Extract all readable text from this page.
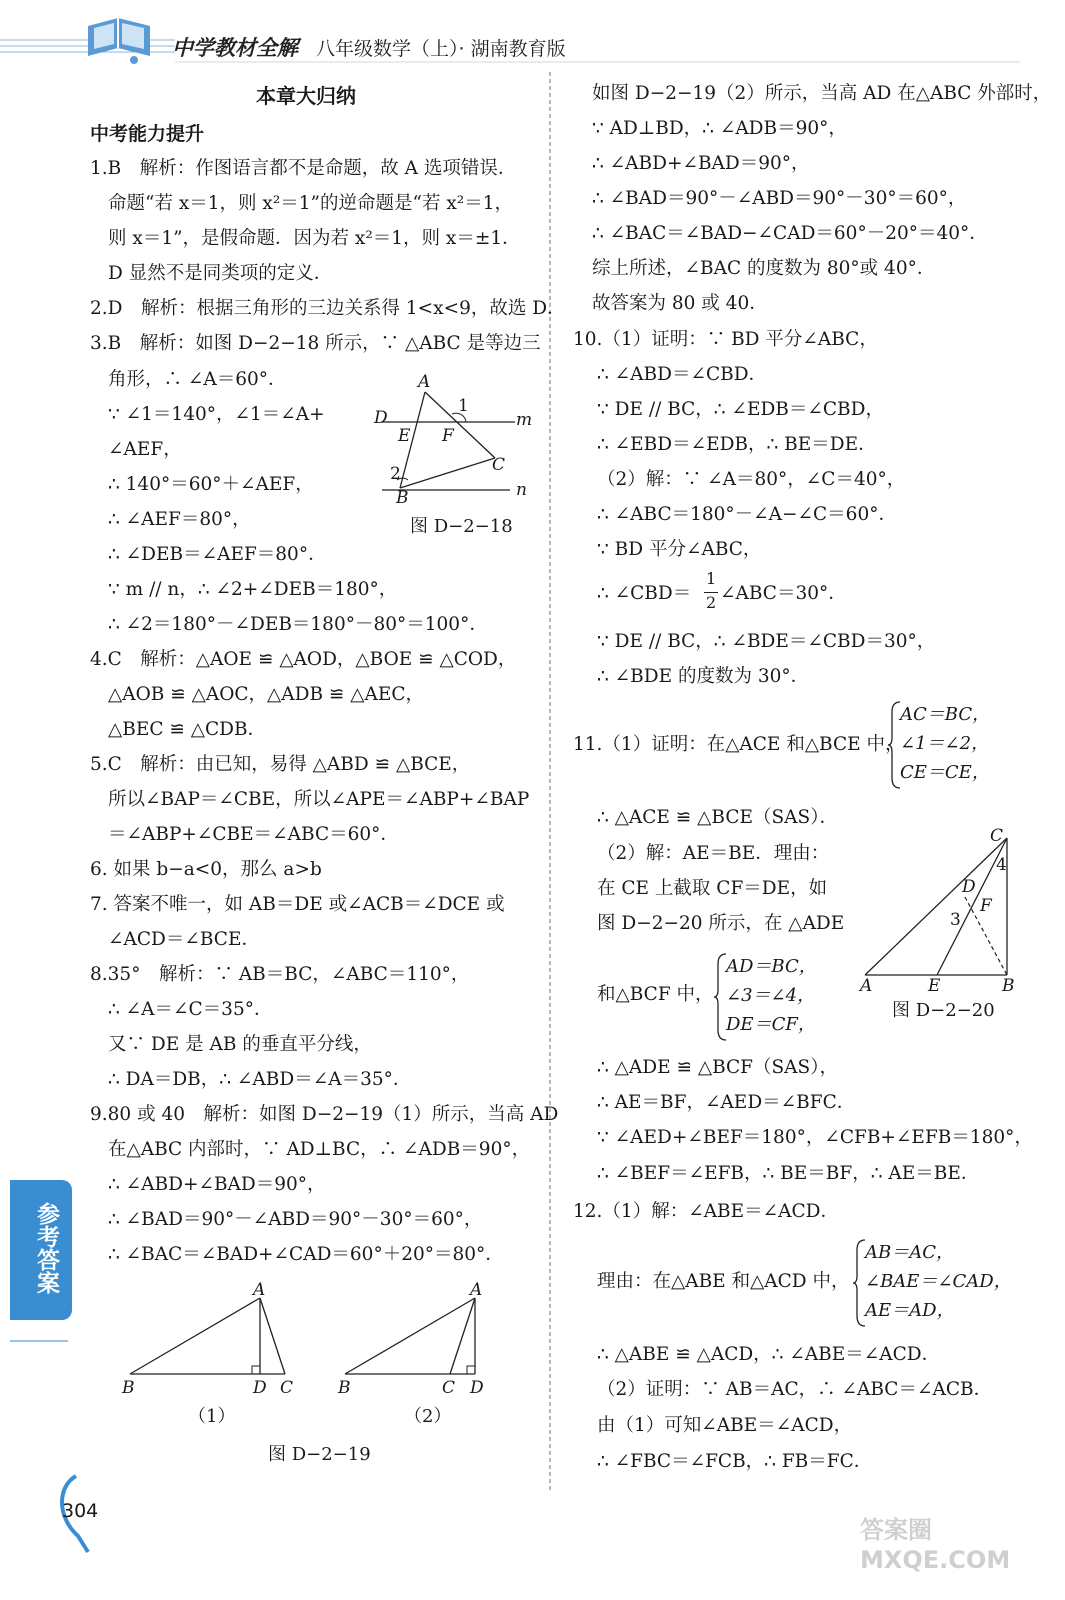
中学教材全解 八年级数学（上）· 湖南教育版
参考答案
304
答案圈 MXQE.COM
本章大归纳
中考能力提升
1.B　解析：作图语言都不是命题，故 A 选项错误．
命题“若 x＝1，则 x²＝1”的逆命题是“若 x²＝1，
则 x＝1”，是假命题．因为若 x²＝1，则 x＝±1．
D 显然不是同类项的定义．
2.D　解析：根据三角形的三边关系得 1<x<9，故选 D．
3.B　解析：如图 D−2−18 所示，∵ △ABC 是等边三
角形，∴ ∠A＝60°．
∵ ∠1＝140°，∠1＝∠A+
∠AEF，
∴ 140°＝60°＋∠AEF，
∴ ∠AEF＝80°，
∴ ∠DEB＝∠AEF＝80°．
∵ m // n，∴ ∠2+∠DEB＝180°，
∴ ∠2＝180°－∠DEB＝180°－80°＝100°．
4.C　解析：△AOE ≌ △AOD，△BOE ≌ △COD，
△AOB ≌ △AOC，△ADB ≌ △AEC，
△BEC ≌ △CDB．
5.C　解析：由已知，易得 △ABD ≌ △BCE，
所以∠BAP＝∠CBE，所以∠APE＝∠ABP+∠BAP
＝∠ABP+∠CBE＝∠ABC＝60°．
6. 如果 b−a<0，那么 a>b
7. 答案不唯一，如 AB＝DE 或∠ACB＝∠DCE 或
∠ACD＝∠BCE．
8.35°　解析：∵ AB＝BC，∠ABC＝110°，
∴ ∠A＝∠C＝35°．
又∵ DE 是 AB 的垂直平分线，
∴ DA＝DB，∴ ∠ABD＝∠A＝35°．
9.80 或 40　解析：如图 D−2−19（1）所示，当高 AD
在△ABC 内部时，∵ AD⊥BC，∴ ∠ADB＝90°，
∴ ∠ABD+∠BAD＝90°，
∴ ∠BAD＝90°－∠ABD＝90°－30°＝60°，
∴ ∠BAC＝∠BAD+∠CAD＝60°＋20°＝80°．
A
D
E F
1
m
2	C
B	n
图 D−2−18
A
B	D C
（1）
A
B	C D
（2）
图 D−2−19
如图 D−2−19（2）所示，当高 AD 在△ABC 外部时，
∵ AD⊥BD，∴ ∠ADB＝90°，
∴ ∠ABD+∠BAD＝90°，
∴ ∠BAD＝90°－∠ABD＝90°－30°＝60°，
∴ ∠BAC＝∠BAD−∠CAD＝60°－20°＝40°．
综上所述，∠BAC 的度数为 80°或 40°．
故答案为 80 或 40．
10.（1）证明：∵ BD 平分∠ABC，
∴ ∠ABD＝∠CBD．
∵ DE // BC，∴ ∠EDB＝∠CBD，
∴ ∠EBD＝∠EDB，∴ BE＝DE．
（2）解：∵ ∠A＝80°，∠C＝40°，
∴ ∠ABC＝180°－∠A−∠C＝60°．
∵ BD 平分∠ABC，
∴ ∠CBD＝
1
2 ∠ABC＝30°．
∵ DE // BC，∴ ∠BDE＝∠CBD＝30°，
∴ ∠BDE 的度数为 30°．
11.（1）证明：在△ACE 和△BCE 中，
AC＝BC，
∠1＝∠2，
CE＝CE，
∴ △ACE ≌ △BCE（SAS）．
（2）解：AE＝BE．理由：
在 CE 上截取 CF＝DE，如
图 D−2−20 所示，在 △ADE
和△BCF 中，
AD＝BC，
∠3＝∠4，
DE＝CF，
C
4
D
F
3
A	E	B
图 D−2−20
∴ △ADE ≌ △BCF（SAS），
∴ AE＝BF，∠AED＝∠BFC．
∵ ∠AED+∠BEF＝180°，∠CFB+∠EFB＝180°，
∴ ∠BEF＝∠EFB，∴ BE＝BF，∴ AE＝BE．
12.（1）解：∠ABE＝∠ACD．
理由：在△ABE 和△ACD 中，
AB＝AC，
∠BAE＝∠CAD，
AE＝AD，
∴ △ABE ≌ △ACD，∴ ∠ABE＝∠ACD．
（2）证明：∵ AB＝AC，∴ ∠ABC＝∠ACB．
由（1）可知∠ABE＝∠ACD，
∴ ∠FBC＝∠FCB，∴ FB＝FC．
